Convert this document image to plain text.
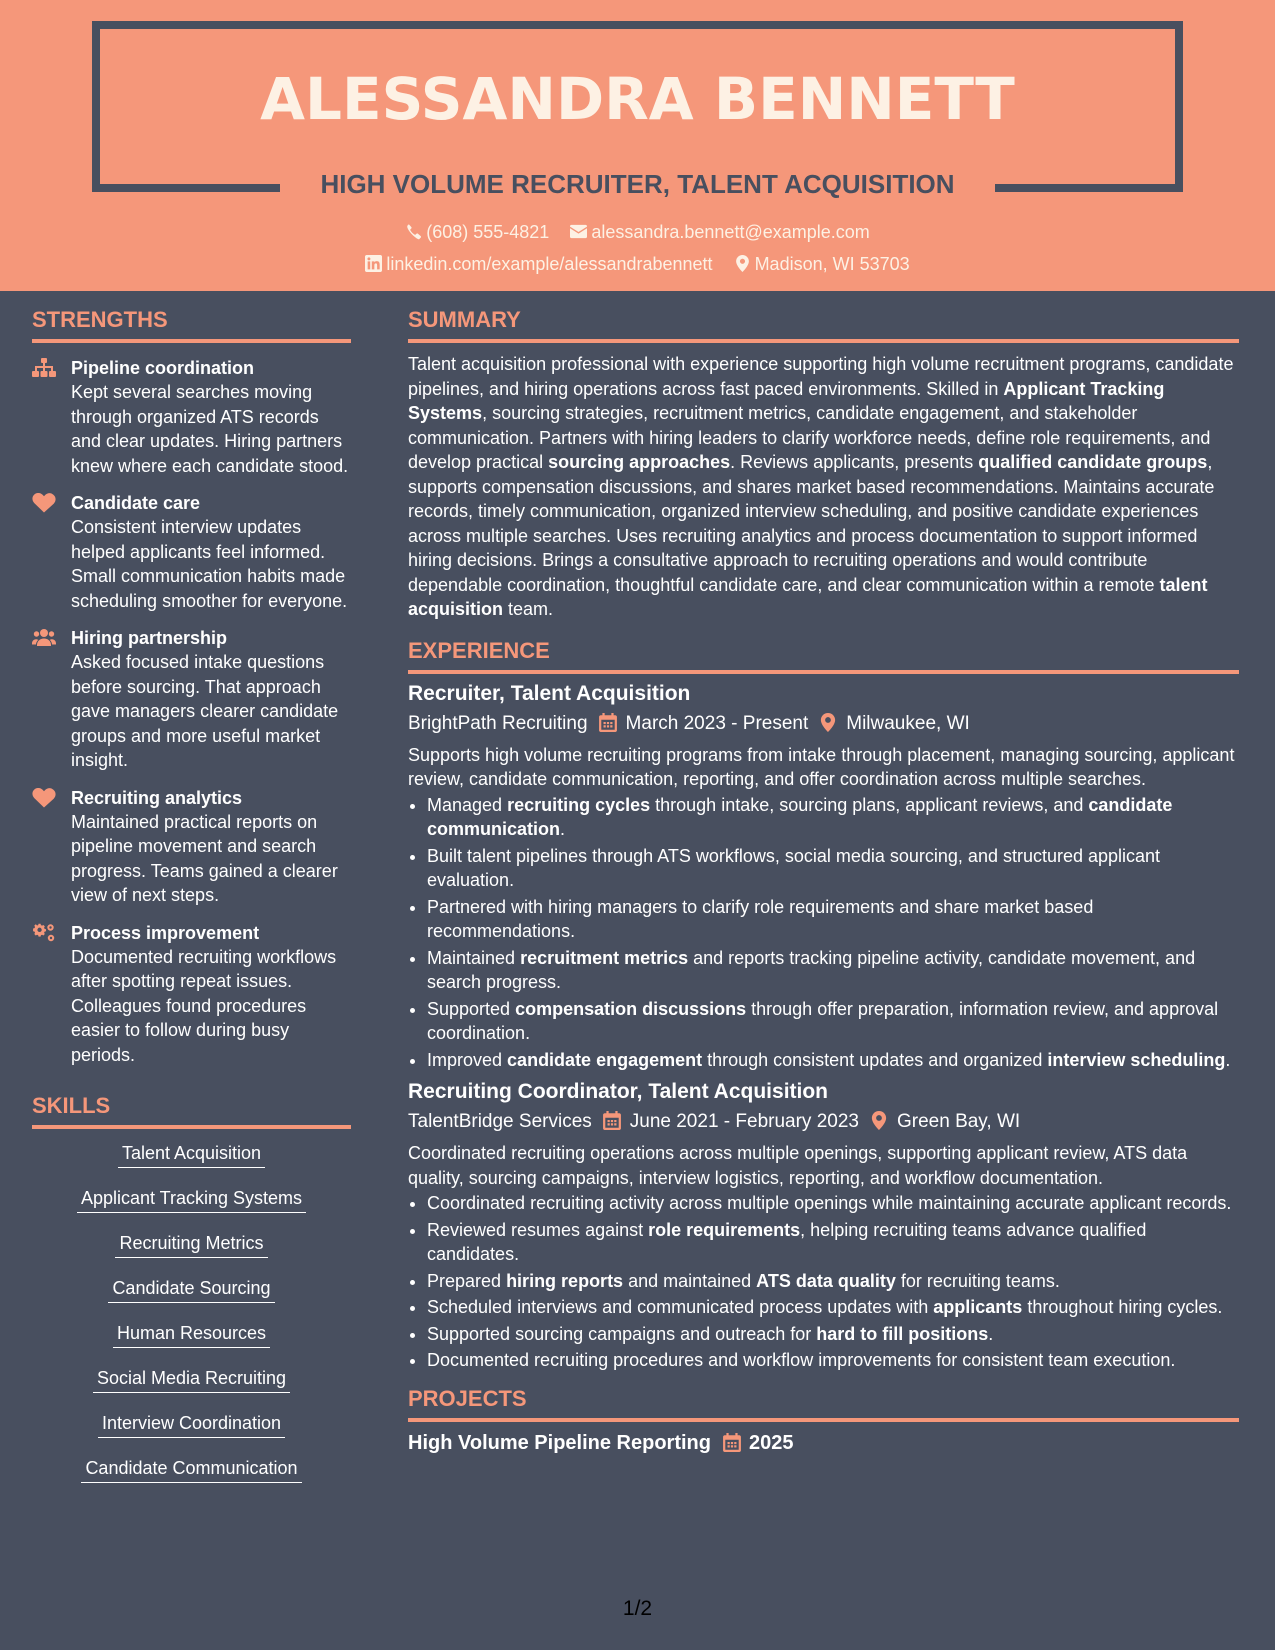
ALESSANDRA BENNETT
HIGH VOLUME RECRUITER, TALENT ACQUISITION
(608) 555-4821 alessandra.bennett@example.com
linkedin.com/example/alessandrabennett Madison, WI 53703
STRENGTHS
Pipeline coordination
Kept several searches moving through organized ATS records and clear updates. Hiring partners knew where each candidate stood.
Candidate care
Consistent interview updates helped applicants feel informed. Small communication habits made scheduling smoother for everyone.
Hiring partnership
Asked focused intake questions before sourcing. That approach gave managers clearer candidate groups and more useful market insight.
Recruiting analytics
Maintained practical reports on pipeline movement and search progress. Teams gained a clearer view of next steps.
Process improvement
Documented recruiting workflows after spotting repeat issues. Colleagues found procedures easier to follow during busy periods.
SKILLS
Talent Acquisition
Applicant Tracking Systems
Recruiting Metrics
Candidate Sourcing
Human Resources
Social Media Recruiting
Interview Coordination
Candidate Communication
SUMMARY
Talent acquisition professional with experience supporting high volume recruitment programs, candidate pipelines, and hiring operations across fast paced environments. Skilled in Applicant Tracking Systems, sourcing strategies, recruitment metrics, candidate engagement, and stakeholder communication. Partners with hiring leaders to clarify workforce needs, define role requirements, and develop practical sourcing approaches. Reviews applicants, presents qualified candidate groups, supports compensation discussions, and shares market based recommendations. Maintains accurate records, timely communication, organized interview scheduling, and positive candidate experiences across multiple searches. Uses recruiting analytics and process documentation to support informed hiring decisions. Brings a consultative approach to recruiting operations and would contribute dependable coordination, thoughtful candidate care, and clear communication within a remote talent acquisition team.
EXPERIENCE
Recruiter, Talent Acquisition
BrightPath Recruiting March 2023 - Present Milwaukee, WI
Supports high volume recruiting programs from intake through placement, managing sourcing, applicant review, candidate communication, reporting, and offer coordination across multiple searches.
• Managed recruiting cycles through intake, sourcing plans, applicant reviews, and candidate communication.
• Built talent pipelines through ATS workflows, social media sourcing, and structured applicant evaluation.
• Partnered with hiring managers to clarify role requirements and share market based recommendations.
• Maintained recruitment metrics and reports tracking pipeline activity, candidate movement, and search progress.
• Supported compensation discussions through offer preparation, information review, and approval coordination.
• Improved candidate engagement through consistent updates and organized interview scheduling.
Recruiting Coordinator, Talent Acquisition
TalentBridge Services June 2021 - February 2023 Green Bay, WI
Coordinated recruiting operations across multiple openings, supporting applicant review, ATS data quality, sourcing campaigns, interview logistics, reporting, and workflow documentation.
• Coordinated recruiting activity across multiple openings while maintaining accurate applicant records.
• Reviewed resumes against role requirements, helping recruiting teams advance qualified candidates.
• Prepared hiring reports and maintained ATS data quality for recruiting teams.
• Scheduled interviews and communicated process updates with applicants throughout hiring cycles.
• Supported sourcing campaigns and outreach for hard to fill positions.
• Documented recruiting procedures and workflow improvements for consistent team execution.
PROJECTS
High Volume Pipeline Reporting 2025
1/2
